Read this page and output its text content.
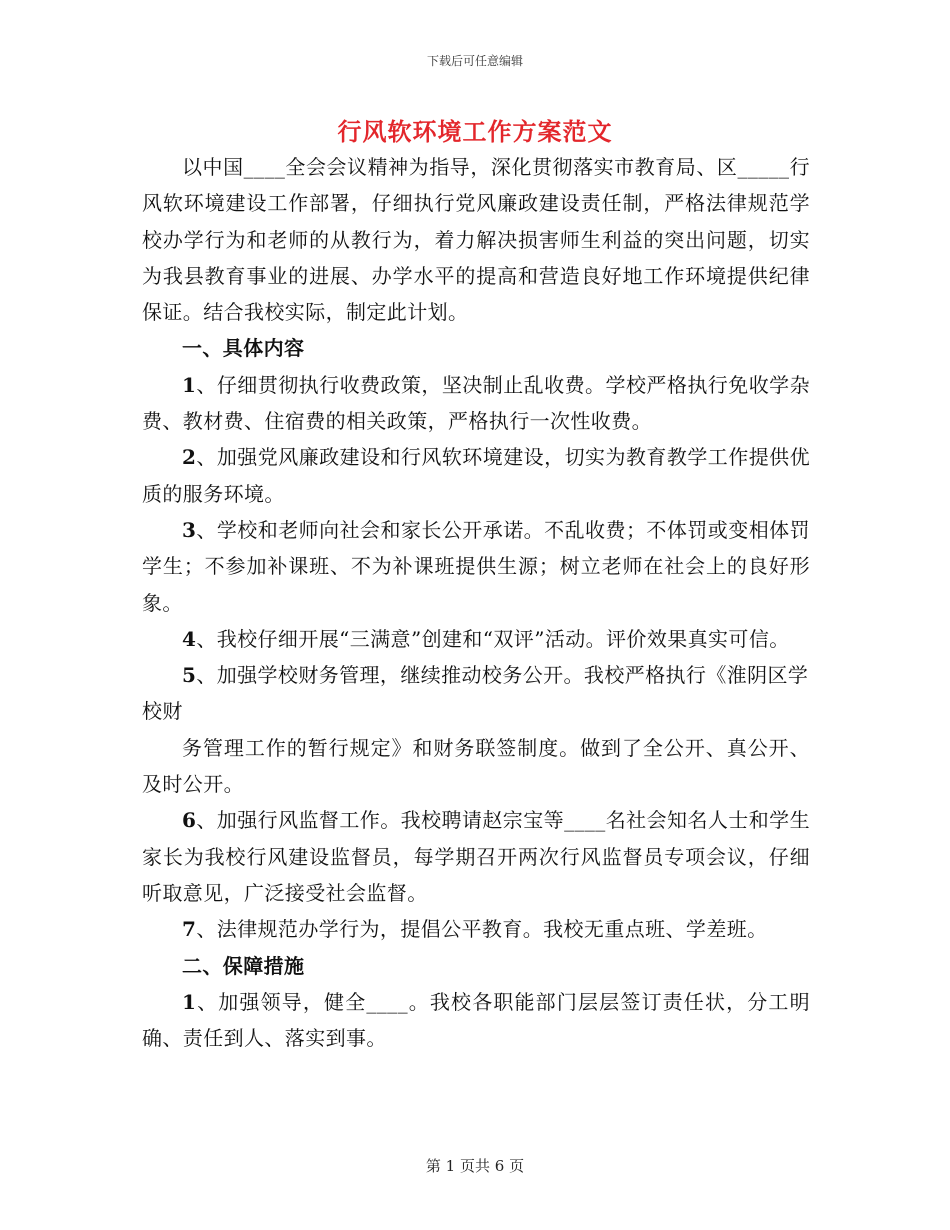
下载后可任意编辑
行风软环境工作方案范文

以中国____全会会议精神为指导，深化贯彻落实市教育局、区_____行风软环境建设工作部署，仔细执行党风廉政建设责任制，严格法律规范学校办学行为和老师的从教行为，着力解决损害师生利益的突出问题，切实为我县教育事业的进展、办学水平的提高和营造良好地工作环境提供纪律保证。结合我校实际，制定此计划。

一、具体内容

1、仔细贯彻执行收费政策，坚决制止乱收费。学校严格执行免收学杂费、教材费、住宿费的相关政策，严格执行一次性收费。

2、加强党风廉政建设和行风软环境建设，切实为教育教学工作提供优质的服务环境。

3、学校和老师向社会和家长公开承诺。不乱收费；不体罚或变相体罚学生；不参加补课班、不为补课班提供生源；树立老师在社会上的良好形象。

4、我校仔细开展“三满意”创建和“双评”活动。评价效果真实可信。

5、加强学校财务管理，继续推动校务公开。我校严格执行《淮阴区学校财

务管理工作的暂行规定》和财务联签制度。做到了全公开、真公开、及时公开。

6、加强行风监督工作。我校聘请赵宗宝等____名社会知名人士和学生家长为我校行风建设监督员，每学期召开两次行风监督员专项会议，仔细听取意见，广泛接受社会监督。

7、法律规范办学行为，提倡公平教育。我校无重点班、学差班。

二、保障措施

1、加强领导，健全____。我校各职能部门层层签订责任状，分工明确、责任到人、落实到事。

第 1 页共 6 页
